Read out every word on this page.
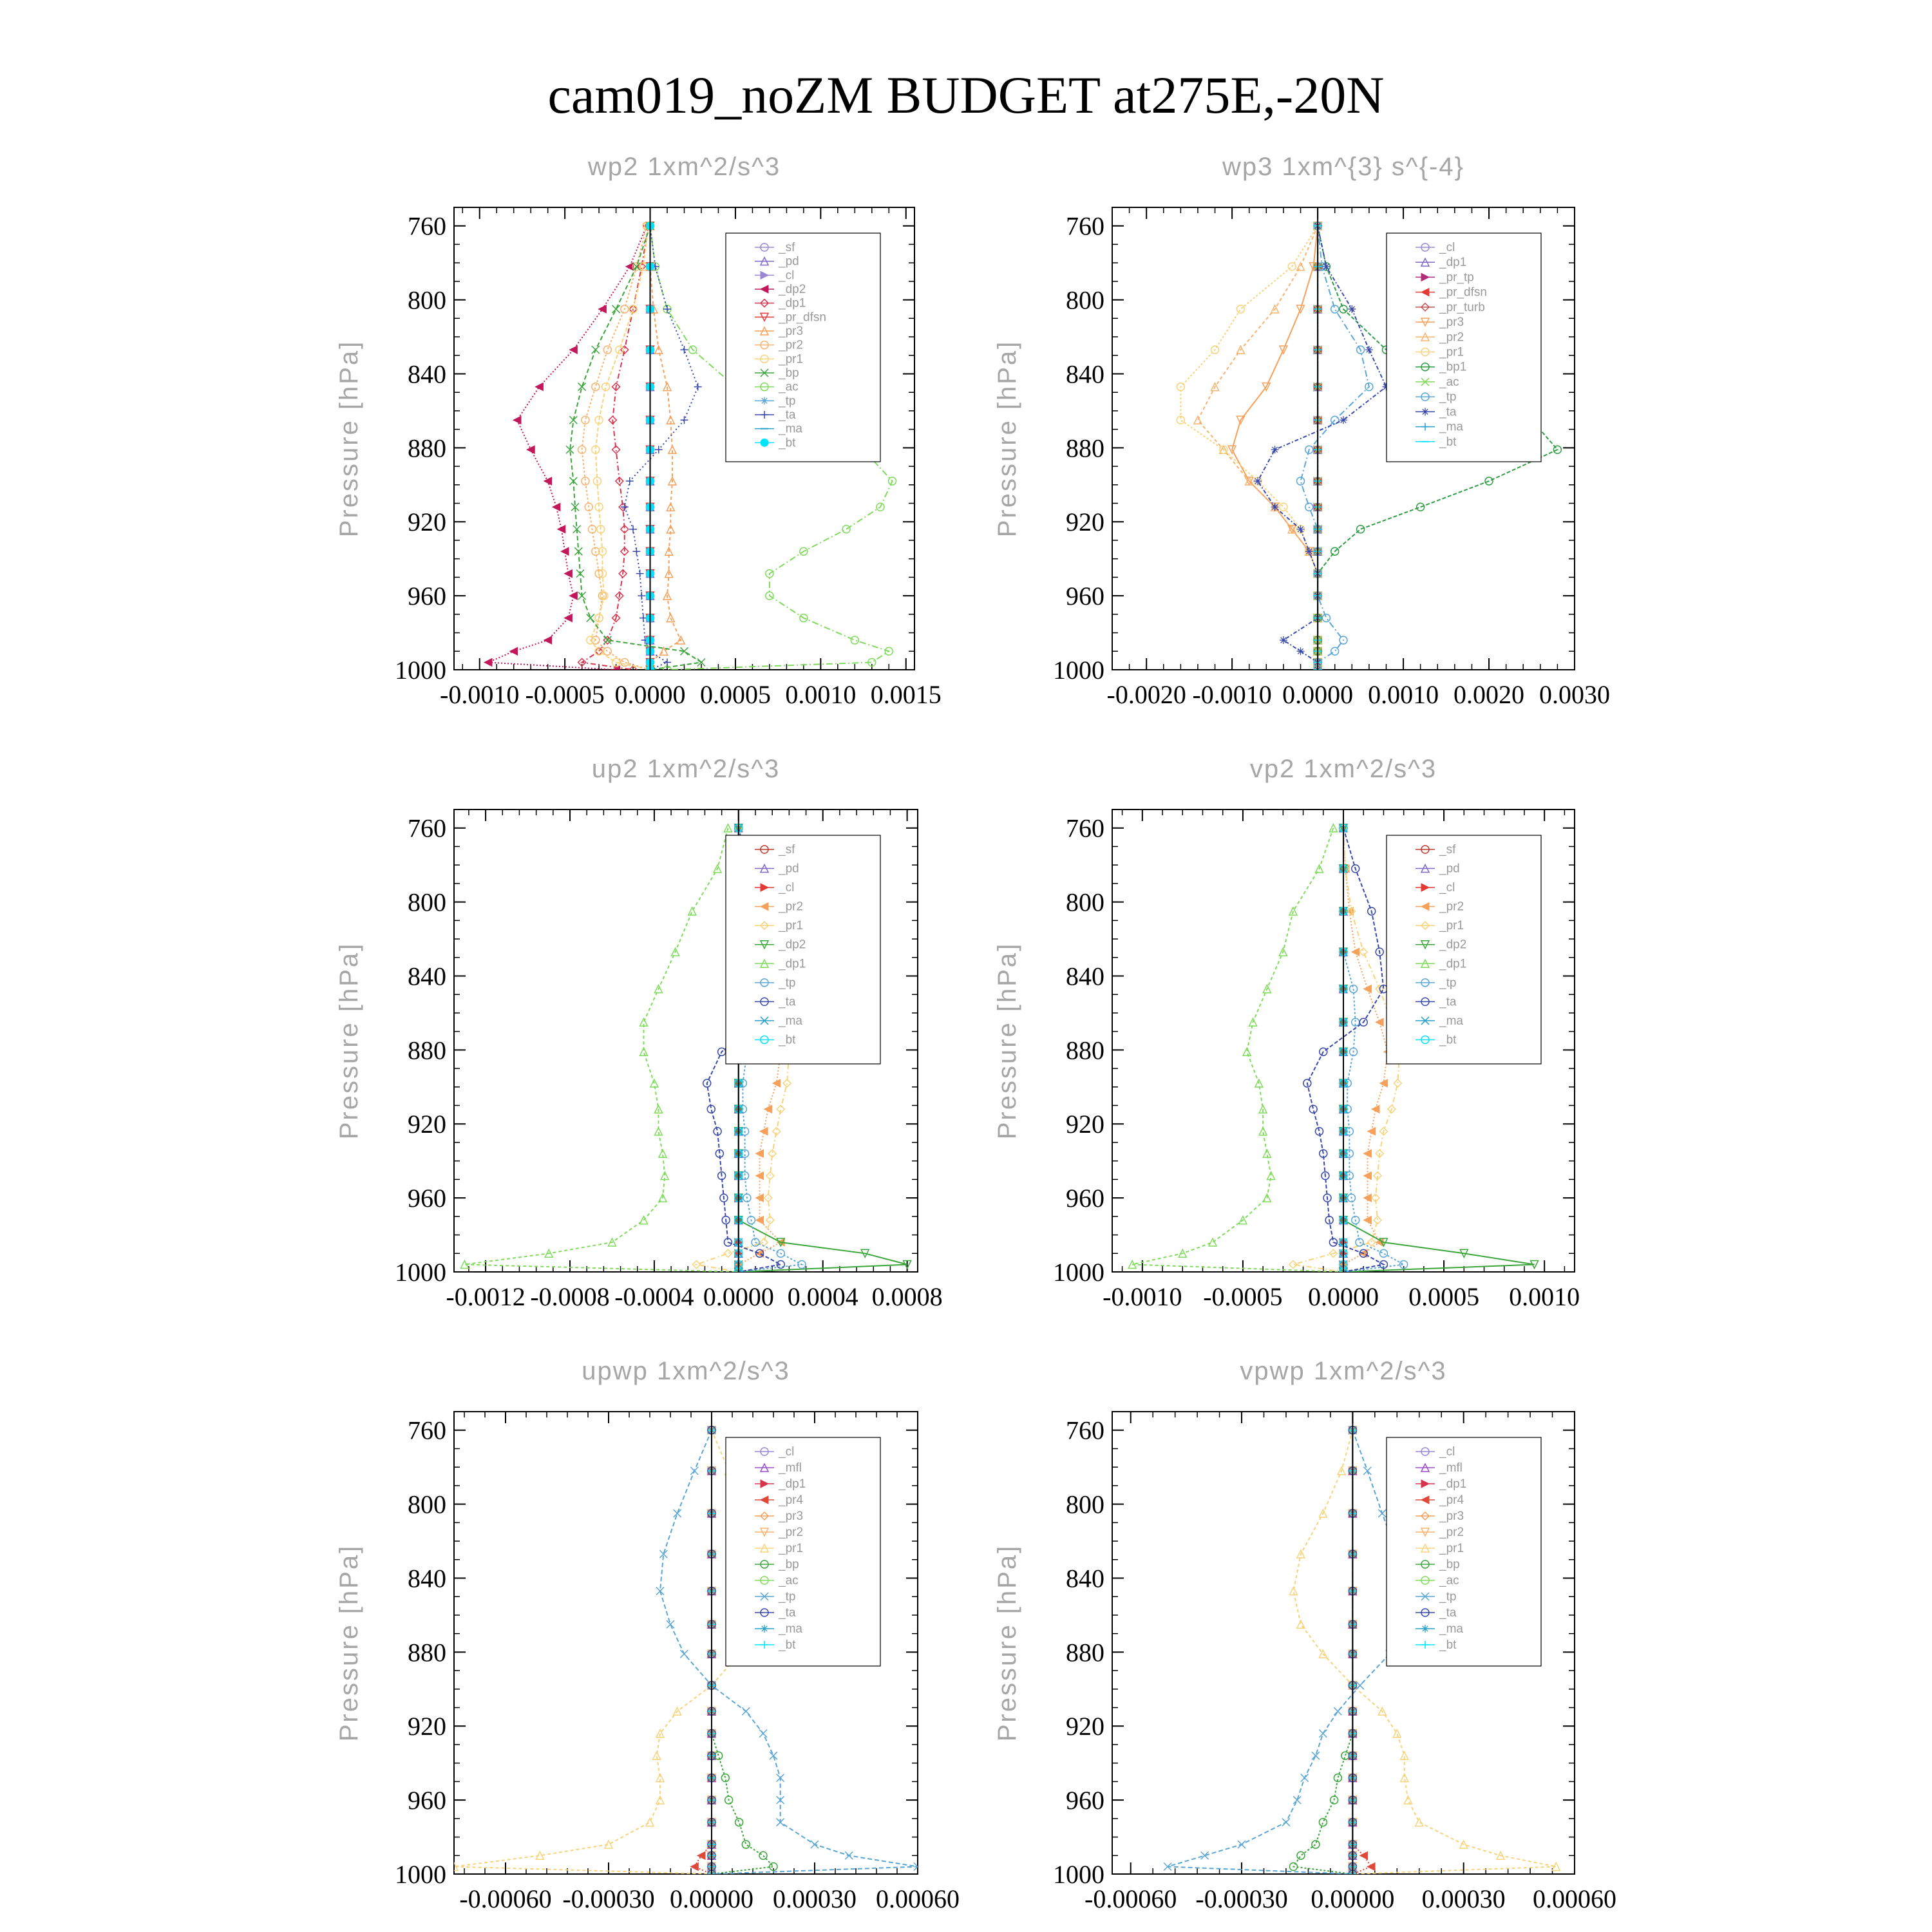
cam019_noZM BUDGET at275E,-20N
wp2 1xm^2/s^3
Pressure [hPa]
760
800
840
880
920
960
1000
-0.0010 -0.0005 0.0000 0.0005 0.0010 0.0015
_sf
_pd
_cl
_dp2
_dp1
_pr_dfsn
_pr3
_pr2
_pr1
_bp
_ac
_tp
_ta
_ma
_bt
wp3 1xm^{3} s^{-4}
Pressure [hPa]
760
800
840
880
920
960
1000
-0.0020 -0.0010 0.0000 0.0010 0.0020 0.0030
_cl
_dp1
_pr_tp
_pr_dfsn
_pr_turb
_pr3
_pr2
_pr1
_bp1
_ac
_tp
_ta
_ma
_bt
up2 1xm^2/s^3
Pressure [hPa]
760
800
840
880
920
960
1000
-0.0012 -0.0008 -0.0004 0.0000 0.0004 0.0008
_sf
_pd
_cl
_pr2
_pr1
_dp2
_dp1
_tp
_ta
_ma
_bt
vp2 1xm^2/s^3
Pressure [hPa]
760
800
840
880
920
960
1000
-0.0010 -0.0005 0.0000 0.0005 0.0010
_sf
_pd
_cl
_pr2
_pr1
_dp2
_dp1
_tp
_ta
_ma
_bt
upwp 1xm^2/s^3
Pressure [hPa]
760
800
840
880
920
960
1000
-0.00060 -0.00030 0.00000 0.00030 0.00060
_cl
_mfl
_dp1
_pr4
_pr3
_pr2
_pr1
_bp
_ac
_tp
_ta
_ma
_bt
vpwp 1xm^2/s^3
Pressure [hPa]
760
800
840
880
920
960
1000
-0.00060 -0.00030 0.00000 0.00030 0.00060
_cl
_mfl
_dp1
_pr4
_pr3
_pr2
_pr1
_bp
_ac
_tp
_ta
_ma
_bt
